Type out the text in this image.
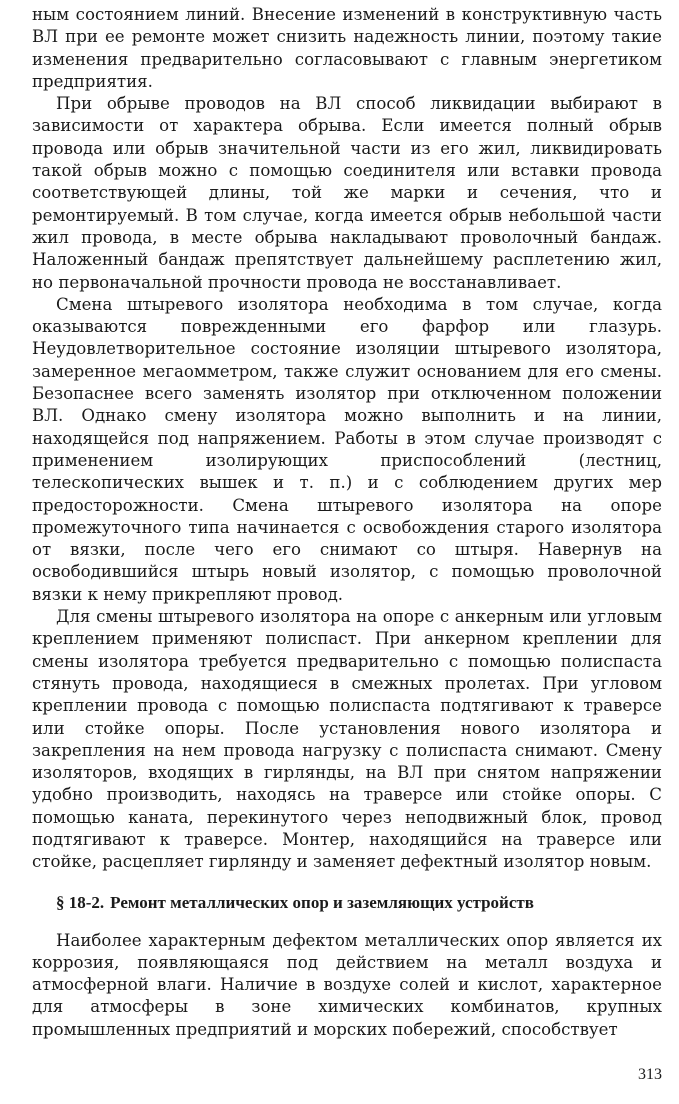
ным состоянием линий. Внесение изменений в конструктивную часть ВЛ при ее ремонте может снизить надежность линии, поэтому такие изменения предварительно согласовывают с главным энергетиком предприятия.

При обрыве проводов на ВЛ способ ликвидации выбирают в зависимости от характера обрыва. Если имеется полный обрыв провода или обрыв значительной части из его жил, ликвидировать такой обрыв можно с помощью соединителя или вставки провода соответствующей длины, той же марки и сечения, что и ремонтируемый. В том случае, когда имеется обрыв небольшой части жил провода, в месте обрыва накладывают проволочный бандаж. Наложенный бандаж препятствует дальнейшему расплетению жил, но первоначальной прочности провода не восстанавливает.

Смена штыревого изолятора необходима в том случае, когда оказываются поврежденными его фарфор или глазурь. Неудовлетворительное состояние изоляции штыревого изолятора, замеренное мегаомметром, также служит основанием для его смены. Безопаснее всего заменять изолятор при отключенном положении ВЛ. Однако смену изолятора можно выполнить и на линии, находящейся под напряжением. Работы в этом случае производят с применением изолирующих приспособлений (лестниц, телескопических вышек и т. п.) и с соблюдением других мер предосторожности. Смена штыревого изолятора на опоре промежуточного типа начинается с освобождения старого изолятора от вязки, после чего его снимают со штыря. Навернув на освободившийся штырь новый изолятор, с помощью проволочной вязки к нему прикрепляют провод.

Для смены штыревого изолятора на опоре с анкерным или угловым креплением применяют полиспаст. При анкерном креплении для смены изолятора требуется предварительно с помощью полиспаста стянуть провода, находящиеся в смежных пролетах. При угловом креплении провода с помощью полиспаста подтягивают к траверсе или стойке опоры. После установления нового изолятора и закрепления на нем провода нагрузку с полиспаста снимают. Смену изоляторов, входящих в гирлянды, на ВЛ при снятом напряжении удобно производить, находясь на траверсе или стойке опоры. С помощью каната, перекинутого через неподвижный блок, провод подтягивают к траверсе. Монтер, находящийся на траверсе или стойке, расцепляет гирлянду и заменяет дефектный изолятор новым.

§ 18-2. Ремонт металлических опор и заземляющих устройств

Наиболее характерным дефектом металлических опор является их коррозия, появляющаяся под действием на металл воздуха и атмосферной влаги. Наличие в воздухе солей и кислот, характерное для атмосферы в зоне химических комбинатов, крупных промышленных предприятий и морских побережий, способствует

313
